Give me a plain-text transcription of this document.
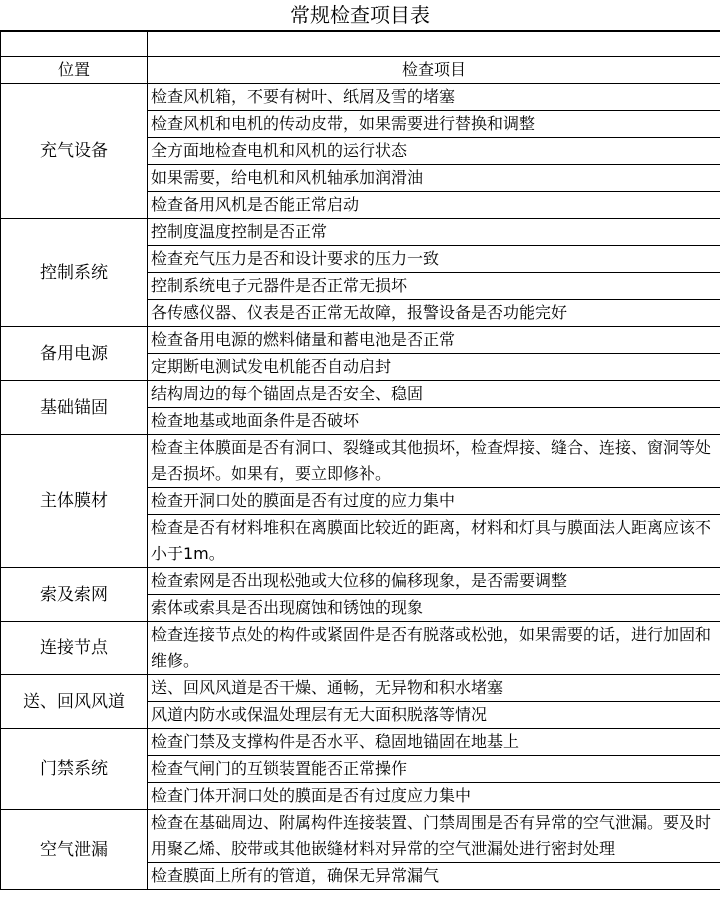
常规检查项目表

位置	检查项目
充气设备	检查风机箱，不要有树叶、纸屑及雪的堵塞
	检查风机和电机的传动皮带，如果需要进行替换和调整
	全方面地检查电机和风机的运行状态
	如果需要，给电机和风机轴承加润滑油
	检查备用风机是否能正常启动
控制系统	控制度温度控制是否正常
	检查充气压力是否和设计要求的压力一致
	控制系统电子元器件是否正常无损坏
	各传感仪器、仪表是否正常无故障，报警设备是否功能完好
备用电源	检查备用电源的燃料储量和蓄电池是否正常
	定期断电测试发电机能否自动启封
基础锚固	结构周边的每个锚固点是否安全、稳固
	检查地基或地面条件是否破坏
主体膜材	检查主体膜面是否有洞口、裂缝或其他损坏，检查焊接、缝合、连接、窗洞等处是否损坏。如果有，要立即修补。
	检查开洞口处的膜面是否有过度的应力集中
	检查是否有材料堆积在离膜面比较近的距离，材料和灯具与膜面法人距离应该不小于1m。
索及索网	检查索网是否出现松弛或大位移的偏移现象，是否需要调整
	索体或索具是否出现腐蚀和锈蚀的现象
连接节点	检查连接节点处的构件或紧固件是否有脱落或松弛，如果需要的话，进行加固和维修。
送、回风风道	送、回风风道是否干燥、通畅，无异物和积水堵塞
	风道内防水或保温处理层有无大面积脱落等情况
门禁系统	检查门禁及支撑构件是否水平、稳固地锚固在地基上
	检查气闸门的互锁装置能否正常操作
	检查门体开洞口处的膜面是否有过度应力集中
空气泄漏	检查在基础周边、附属构件连接装置、门禁周围是否有异常的空气泄漏。要及时用聚乙烯、胶带或其他嵌缝材料对异常的空气泄漏处进行密封处理
	检查膜面上所有的管道，确保无异常漏气
